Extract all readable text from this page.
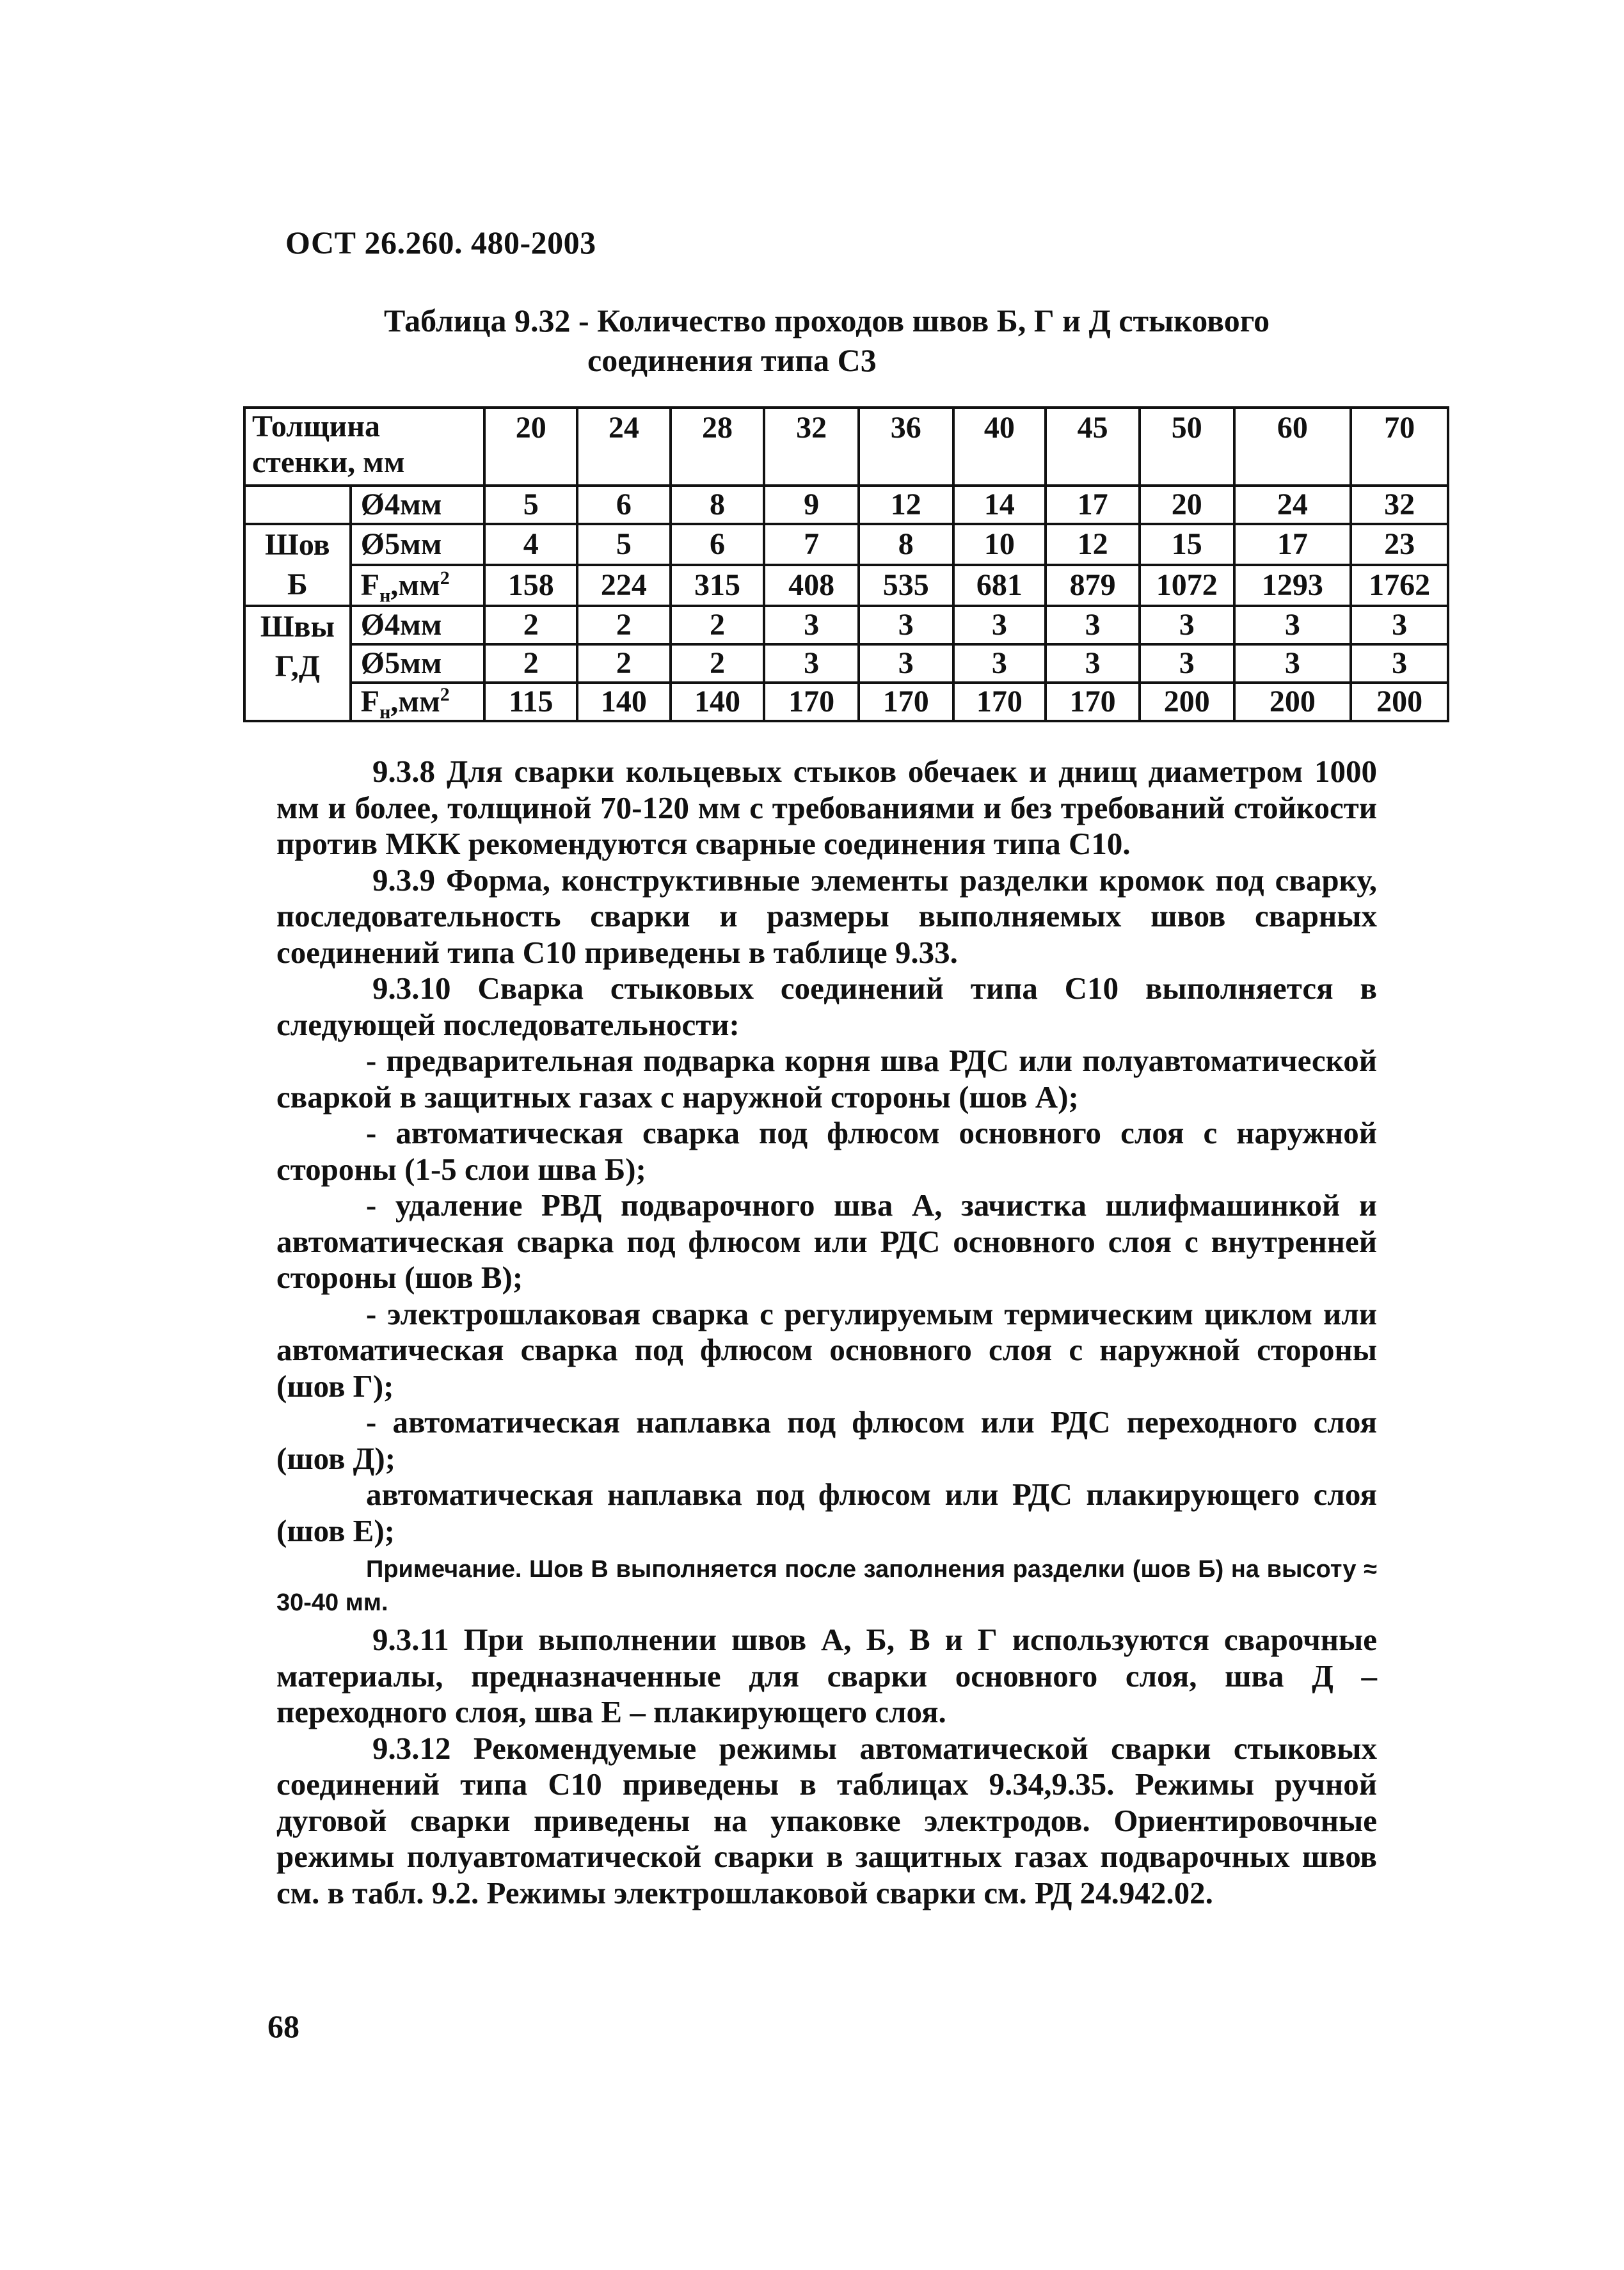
ОСТ 26.260. 480-2003
Таблица 9.32 - Количество проходов швов Б, Г и Д стыкового
соединения типа С3
Толщина
стенки, мм		20	24	28	32	36	40	45	50	60	70
	Ø4мм	5	6	8	9	12	14	17	20	24	32

Шов
Б	Ø5мм	4	5	6	7	8	10	12	15	17	23
	$F_н,мм^2$	158	224	315	408	535	681	879	1072	1293	1762

Швы
Г,Д	Ø4мм	2	2	2	3	3	3	3	3	3	3
	Ø5мм	2	2	2	3	3	3	3	3	3	3
	$F_н,мм^2$	115	140	140	170	170	170	170	200	200	200

9.3.8 Для сварки кольцевых стыков обечаек и днищ диаметром 1000 мм и более, толщиной 70-120 мм с требованиями и без требований стойкости против МКК рекомендуются сварные соединения типа С10.

9.3.9 Форма, конструктивные элементы разделки кромок под сварку, последовательность сварки и размеры выполняемых швов сварных соединений типа С10 приведены в таблице 9.33.

9.3.10 Сварка стыковых соединений типа С10 выполняется в следующей последовательности:

- предварительная подварка корня шва РДС или полуавтоматической сваркой в защитных газах с наружной стороны (шов А);

- автоматическая сварка под флюсом основного слоя с наружной стороны (1-5 слои шва Б);

- удаление РВД подварочного шва А, зачистка шлифмашинкой и автоматическая сварка под флюсом или РДС основного слоя с внутренней стороны (шов В);

- электрошлаковая сварка с регулируемым термическим циклом или автоматическая сварка под флюсом основного слоя с наружной стороны (шов Г);

- автоматическая наплавка под флюсом или РДС переходного слоя (шов Д);

автоматическая наплавка под флюсом или РДС плакирующего слоя (шов Е);

Примечание. Шов В выполняется после заполнения разделки (шов Б) на высоту ≈ 30-40 мм.

9.3.11 При выполнении швов А, Б, В и Г используются сварочные материалы, предназначенные для сварки основного слоя, шва Д – переходного слоя, шва Е – плакирующего слоя.

9.3.12 Рекомендуемые режимы автоматической сварки стыковых соединений типа С10 приведены в таблицах 9.34,9.35. Режимы ручной дуговой сварки приведены на упаковке электродов. Ориентировочные режимы полуавтоматической сварки в защитных газах подварочных швов см. в табл. 9.2. Режимы электрошлаковой сварки см. РД 24.942.02.

68
